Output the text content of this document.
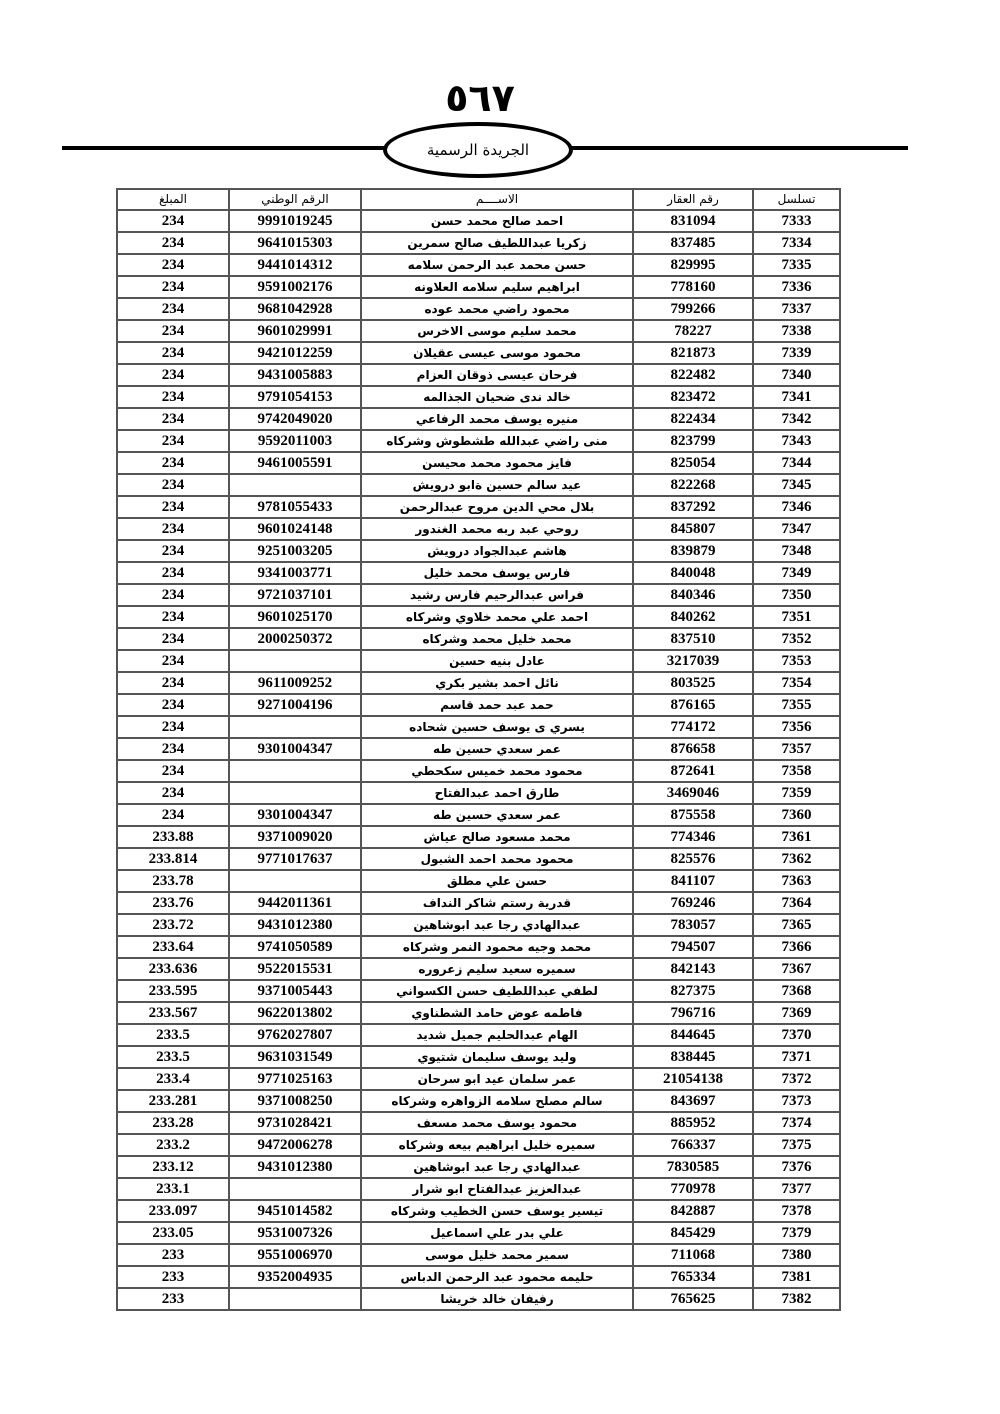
٥٦٧
الجريدة الرسمية
المبلغ	الرقم الوطني	الاســــم	رقم العقار	تسلسل
234	9991019245	احمد صالح محمد حسن	831094	7333
234	9641015303	زكريا عبداللطيف صالح سمرين	837485	7334
234	9441014312	حسن محمد عبد الرحمن سلامه	829995	7335
234	9591002176	ابراهيم سليم سلامه العلاونه	778160	7336
234	9681042928	محمود راضي محمد عوده	799266	7337
234	9601029991	محمد سليم موسى الاخرس	78227	7338
234	9421012259	محمود موسى عيسى عقيلان	821873	7339
234	9431005883	فرحان عيسى ذوقان العزام	822482	7340
234	9791054153	خالد ندى ضحيان الجذالمه	823472	7341
234	9742049020	منيره يوسف محمد الرفاعي	822434	7342
234	9592011003	منى راضي عبدالله طشطوش وشركاه	823799	7343
234	9461005591	فايز محمود محمد محيسن	825054	7344
234		عيد سالم حسين ةابو درويش	822268	7345
234	9781055433	بلال محي الدين مروح عبدالرحمن	837292	7346
234	9601024148	روحي عبد ربه محمد الغندور	845807	7347
234	9251003205	هاشم عبدالجواد درويش	839879	7348
234	9341003771	فارس يوسف محمد خليل	840048	7349
234	9721037101	فراس عبدالرحيم فارس رشيد	840346	7350
234	9601025170	احمد علي محمد خلاوي وشركاه	840262	7351
234	2000250372	محمد خليل محمد وشركاه	837510	7352
234		عادل بنيه حسين	3217039	7353
234	9611009252	نائل احمد بشير بكري	803525	7354
234	9271004196	حمد عبد حمد قاسم	876165	7355
234		يسري ى يوسف حسين شحاده	774172	7356
234	9301004347	عمر سعدي حسين طه	876658	7357
234		محمود محمد خميس سكحطي	872641	7358
234		طارق احمد عبدالفتاح	3469046	7359
234	9301004347	عمر سعدي حسين طه	875558	7360
233.88	9371009020	محمد مسعود صالح عياش	774346	7361
233.814	9771017637	محمود محمد احمد الشبول	825576	7362
233.78		حسن علي مطلق	841107	7363
233.76	9442011361	قدرية رستم شاكر النداف	769246	7364
233.72	9431012380	عبدالهادي رجا عبد ابوشاهين	783057	7365
233.64	9741050589	محمد وجيه محمود النمر وشركاه	794507	7366
233.636	9522015531	سميره سعيد سليم زعروره	842143	7367
233.595	9371005443	لطفي عبداللطيف حسن الكسواني	827375	7368
233.567	9622013802	فاطمه عوض حامد الشطناوي	796716	7369
233.5	9762027807	الهام عبدالحليم جميل شديد	844645	7370
233.5	9631031549	وليد يوسف سليمان شتيوي	838445	7371
233.4	9771025163	عمر سلمان عيد ابو سرحان	21054138	7372
233.281	9371008250	سالم مصلح سلامه الزواهره وشركاه	843697	7373
233.28	9731028421	محمود يوسف محمد مسعف	885952	7374
233.2	9472006278	سميره خليل ابراهيم بيعه وشركاه	766337	7375
233.12	9431012380	عبدالهادي رجا عبد ابوشاهين	7830585	7376
233.1		عبدالعزيز عبدالفتاح ابو شرار	770978	7377
233.097	9451014582	تيسير يوسف حسن الخطيب وشركاه	842887	7378
233.05	9531007326	علي بدر علي اسماعيل	845429	7379
233	9551006970	سمير محمد خليل موسى	711068	7380
233	9352004935	حليمه محمود عبد الرحمن الدباس	765334	7381
233		رفيفان خالد خريشا	765625	7382
